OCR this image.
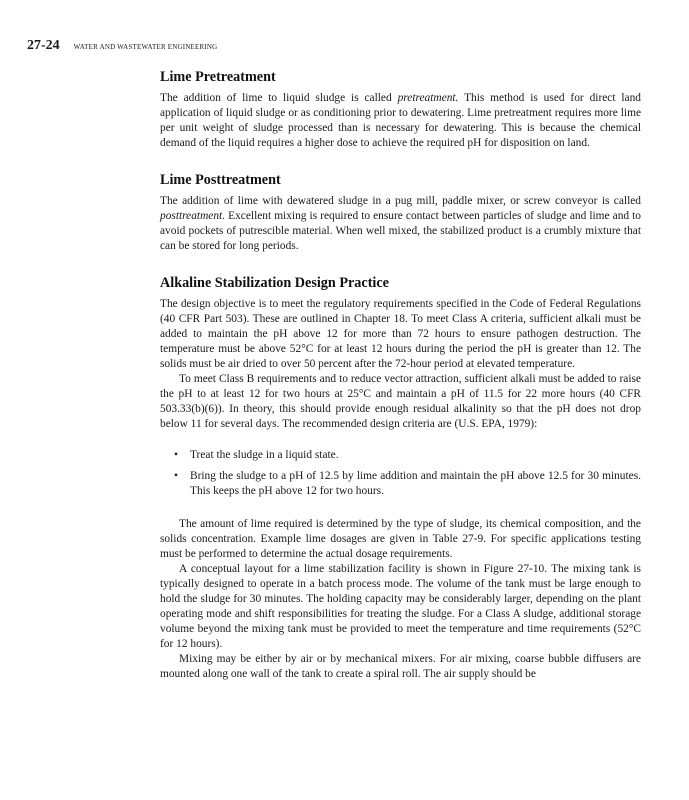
27-24 WATER AND WASTEWATER ENGINEERING
Lime Pretreatment

The addition of lime to liquid sludge is called pretreatment. This method is used for direct land application of liquid sludge or as conditioning prior to dewatering. Lime pretreatment requires more lime per unit weight of sludge processed than is necessary for dewatering. This is because the chemical demand of the liquid requires a higher dose to achieve the required pH for disposition on land.

Lime Posttreatment

The addition of lime with dewatered sludge in a pug mill, paddle mixer, or screw conveyor is called posttreatment. Excellent mixing is required to ensure contact between particles of sludge and lime and to avoid pockets of putrescible material. When well mixed, the stabilized product is a crumbly mixture that can be stored for long periods.

Alkaline Stabilization Design Practice

The design objective is to meet the regulatory requirements specified in the Code of Federal Regulations (40 CFR Part 503). These are outlined in Chapter 18. To meet Class A criteria, sufficient alkali must be added to maintain the pH above 12 for more than 72 hours to ensure pathogen destruction. The temperature must be above 52°C for at least 12 hours during the period the pH is greater than 12. The solids must be air dried to over 50 percent after the 72-hour period at elevated temperature.

To meet Class B requirements and to reduce vector attraction, sufficient alkali must be added to raise the pH to at least 12 for two hours at 25°C and maintain a pH of 11.5 for 22 more hours (40 CFR 503.33(b)(6)). In theory, this should provide enough residual alkalinity so that the pH does not drop below 11 for several days. The recommended design criteria are (U.S. EPA, 1979):

• Treat the sludge in a liquid state.
• Bring the sludge to a pH of 12.5 by lime addition and maintain the pH above 12.5 for 30 minutes. This keeps the pH above 12 for two hours.

The amount of lime required is determined by the type of sludge, its chemical composition, and the solids concentration. Example lime dosages are given in Table 27-9. For specific applications testing must be performed to determine the actual dosage requirements.

A conceptual layout for a lime stabilization facility is shown in Figure 27-10. The mixing tank is typically designed to operate in a batch process mode. The volume of the tank must be large enough to hold the sludge for 30 minutes. The holding capacity may be considerably larger, depending on the plant operating mode and shift responsibilities for treating the sludge. For a Class A sludge, additional storage volume beyond the mixing tank must be provided to meet the temperature and time requirements (52°C for 12 hours).

Mixing may be either by air or by mechanical mixers. For air mixing, coarse bubble diffusers are mounted along one wall of the tank to create a spiral roll. The air supply should be
